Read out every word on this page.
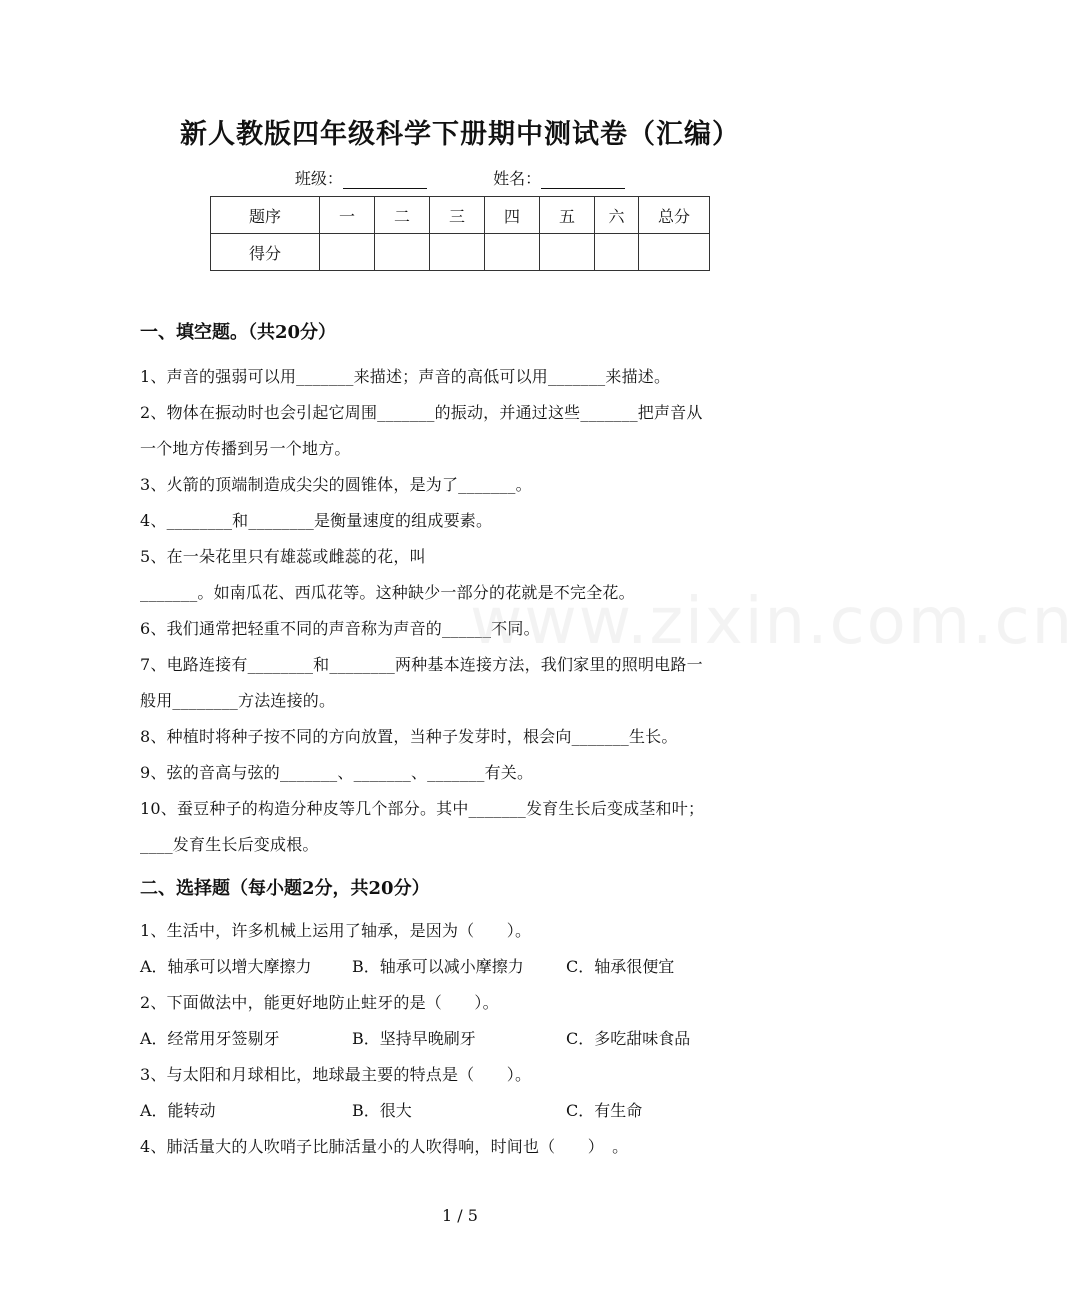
新人教版四年级科学下册期中测试卷（汇编）
班级：	姓名：
题序	一	二	三	四	五	六	总分
得分							
一、填空题。（共20分）
1、声音的强弱可以用_______来描述；声音的高低可以用_______来描述。
2、物体在振动时也会引起它周围_______的振动，并通过这些_______把声音从
一个地方传播到另一个地方。
3、火箭的顶端制造成尖尖的圆锥体，是为了_______。
4、________和________是衡量速度的组成要素。
5、在一朵花里只有雄蕊或雌蕊的花，叫
_______。如南瓜花、西瓜花等。这种缺少一部分的花就是不完全花。
6、我们通常把轻重不同的声音称为声音的______不同。
7、电路连接有________和________两种基本连接方法，我们家里的照明电路一
般用________方法连接的。
8、种植时将种子按不同的方向放置，当种子发芽时，根会向_______生长。
9、弦的音高与弦的_______、_______、_______有关。
10、蚕豆种子的构造分种皮等几个部分。其中_______发育生长后变成茎和叶；
____发育生长后变成根。
二、选择题（每小题2分，共20分）
1、生活中，许多机械上运用了轴承，是因为（　　）。
A．轴承可以增大摩擦力	B．轴承可以减小摩擦力	C．轴承很便宜
2、下面做法中，能更好地防止蛀牙的是（　　）。
A．经常用牙签剔牙	B．坚持早晚刷牙	C．多吃甜味食品
3、与太阳和月球相比，地球最主要的特点是（　　）。
A．能转动	B．很大	C．有生命
4、肺活量大的人吹哨子比肺活量小的人吹得响，时间也（　　）　。
www.zixin.com.cn
1 / 5
